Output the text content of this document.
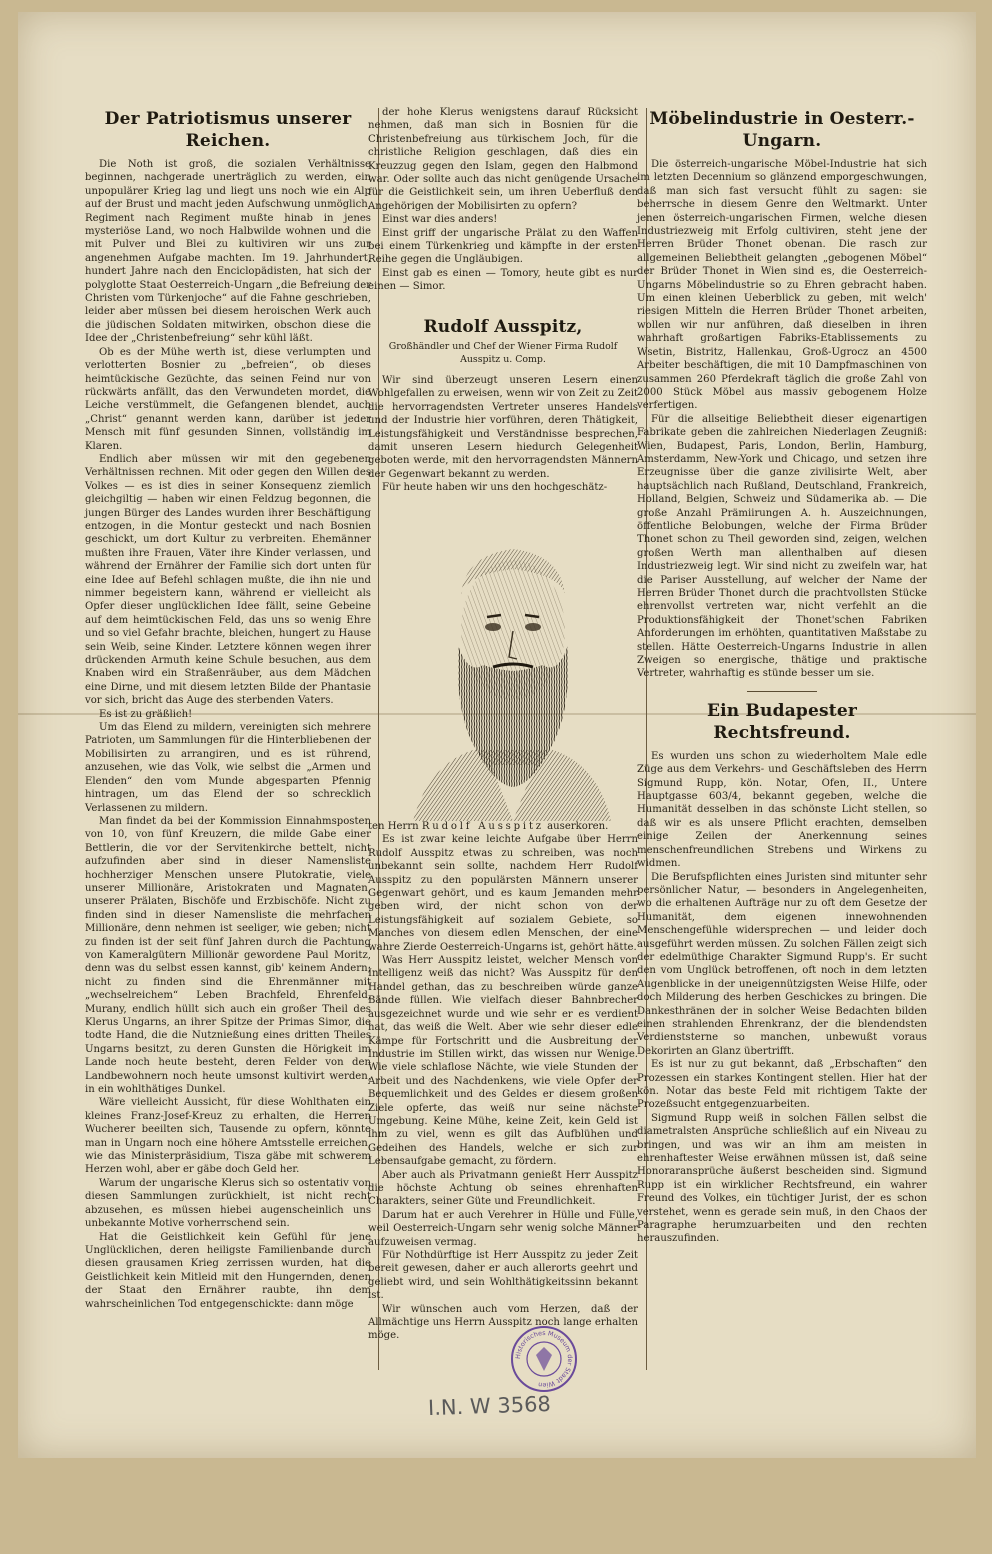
Der Patriotismus unserer Reichen.

Die Noth ist groß, die sozialen Verhältnisse beginnen, nachgerade unerträglich zu werden, ein unpopulärer Krieg lag und liegt uns noch wie ein Alp auf der Brust und macht jeden Aufschwung unmöglich, Regiment nach Regiment mußte hinab in jenes mysteriöse Land, wo noch Halbwilde wohnen und die mit Pulver und Blei zu kultiviren wir uns zur angenehmen Aufgabe machten. Im 19. Jahrhundert, hundert Jahre nach den Enciclopädisten, hat sich der polyglotte Staat Oesterreich-Ungarn „die Befreiung der Christen vom Türkenjoche“ auf die Fahne geschrieben, leider aber müssen bei diesem heroischen Werk auch die jüdischen Soldaten mitwirken, obschon diese die Idee der „Christenbefreiung“ sehr kühl läßt.

Ob es der Mühe werth ist, diese verlumpten und verlotterten Bosnier zu „befreien“, ob dieses heimtückische Gezüchte, das seinen Feind nur von rückwärts anfällt, das den Verwundeten mordet, die Leiche verstümmelt, die Gefangenen blendet, auch „Christ“ genannt werden kann, darüber ist jeder Mensch mit fünf gesunden Sinnen, vollständig im Klaren.

Endlich aber müssen wir mit den gegebenen Verhältnissen rechnen. Mit oder gegen den Willen des Volkes — es ist dies in seiner Konsequenz ziemlich gleichgiltig — haben wir einen Feldzug begonnen, die jungen Bürger des Landes wurden ihrer Beschäftigung entzogen, in die Montur gesteckt und nach Bosnien geschickt, um dort Kultur zu verbreiten. Ehemänner mußten ihre Frauen, Väter ihre Kinder verlassen, und während der Ernährer der Familie sich dort unten für eine Idee auf Befehl schlagen mußte, die ihn nie und nimmer begeistern kann, während er vielleicht als Opfer dieser unglücklichen Idee fällt, seine Gebeine auf dem heimtückischen Feld, das uns so wenig Ehre und so viel Gefahr brachte, bleichen, hungert zu Hause sein Weib, seine Kinder. Letztere können wegen ihrer drückenden Armuth keine Schule besuchen, aus dem Knaben wird ein Straßenräuber, aus dem Mädchen eine Dirne, und mit diesem letzten Bilde der Phantasie vor sich, bricht das Auge des sterbenden Vaters.

Es ist zu gräßlich!

Um das Elend zu mildern, vereinigten sich mehrere Patrioten, um Sammlungen für die Hinterbliebenen der Mobilisirten zu arrangiren, und es ist rührend, anzusehen, wie das Volk, wie selbst die „Armen und Elenden“ den vom Munde abgesparten Pfennig hintragen, um das Elend der so schrecklich Verlassenen zu mildern.

Man findet da bei der Kommission Einnahmsposten von 10, von fünf Kreuzern, die milde Gabe einer Bettlerin, die vor der Servitenkirche bettelt, nicht aufzufinden aber sind in dieser Namensliste hochherziger Menschen unsere Plutokratie, viele unserer Millionäre, Aristokraten und Magnaten, unserer Prälaten, Bischöfe und Erzbischöfe. Nicht zu finden sind in dieser Namensliste die mehrfachen Millionäre, denn nehmen ist seeliger, wie geben; nicht zu finden ist der seit fünf Jahren durch die Pachtung von Kameralgütern Millionär gewordene Paul Moritz, denn was du selbst essen kannst, gib' keinem Andern; nicht zu finden sind die Ehrenmänner mit „wechselreichem“ Leben Brachfeld, Ehrenfeld, Murany, endlich hüllt sich auch ein großer Theil des Klerus Ungarns, an ihrer Spitze der Primas Simor, die todte Hand, die die Nutznießung eines dritten Theiles Ungarns besitzt, zu deren Gunsten die Hörigkeit im Lande noch heute besteht, deren Felder von den Landbewohnern noch heute umsonst kultivirt werden, in ein wohlthätiges Dunkel.

Wäre vielleicht Aussicht, für diese Wohlthaten ein kleines Franz-Josef-Kreuz zu erhalten, die Herren Wucherer beeilten sich, Tausende zu opfern, könnte man in Ungarn noch eine höhere Amtsstelle erreichen, wie das Ministerpräsidium, Tisza gäbe mit schwerem Herzen wohl, aber er gäbe doch Geld her.

Warum der ungarische Klerus sich so ostentativ von diesen Sammlungen zurückhielt, ist nicht recht abzusehen, es müssen hiebei augenscheinlich uns unbekannte Motive vorherrschend sein.

Hat die Geistlichkeit kein Gefühl für jene Unglücklichen, deren heiligste Familienbande durch diesen grausamen Krieg zerrissen wurden, hat die Geistlichkeit kein Mitleid mit den Hungernden, denen der Staat den Ernährer raubte, ihn dem wahrscheinlichen Tod entgegenschickte: dann möge

der hohe Klerus wenigstens darauf Rücksicht nehmen, daß man sich in Bosnien für die Christenbefreiung aus türkischem Joch, für die christliche Religion geschlagen, daß dies ein Kreuzzug gegen den Islam, gegen den Halbmond war. Oder sollte auch das nicht genügende Ursache für die Geistlichkeit sein, um ihren Ueberfluß den Angehörigen der Mobilisirten zu opfern?

Einst war dies anders!

Einst griff der ungarische Prälat zu den Waffen bei einem Türkenkrieg und kämpfte in der ersten Reihe gegen die Ungläubigen.

Einst gab es einen — Tomory, heute gibt es nur einen — Simor.

Rudolf Ausspitz,
Großhändler und Chef der Wiener Firma Rudolf Ausspitz u. Comp.

Wir sind überzeugt unseren Lesern einen Wohlgefallen zu erweisen, wenn wir von Zeit zu Zeit die hervorragendsten Vertreter unseres Handels und der Industrie hier vorführen, deren Thätigkeit, Leistungsfähigkeit und Verständnisse besprechen, damit unseren Lesern hiedurch Gelegenheit geboten werde, mit den hervorragendsten Männern der Gegenwart bekannt zu werden.

Für heute haben wir uns den hochgeschätz-

ten Herrn Rudolf Ausspitz auserkoren.

Es ist zwar keine leichte Aufgabe über Herrn Rudolf Ausspitz etwas zu schreiben, was noch unbekannt sein sollte, nachdem Herr Rudolf Ausspitz zu den populärsten Männern unserer Gegenwart gehört, und es kaum Jemanden mehr geben wird, der nicht schon von der Leistungsfähigkeit auf sozialem Gebiete, so Manches von diesem edlen Menschen, der eine wahre Zierde Oesterreich-Ungarns ist, gehört hätte.

Was Herr Ausspitz leistet, welcher Mensch von Intelligenz weiß das nicht? Was Ausspitz für den Handel gethan, das zu beschreiben würde ganze Bände füllen. Wie vielfach dieser Bahnbrecher ausgezeichnet wurde und wie sehr er es verdient hat, das weiß die Welt. Aber wie sehr dieser edle Kämpe für Fortschritt und die Ausbreitung der Industrie im Stillen wirkt, das wissen nur Wenige. Wie viele schlaflose Nächte, wie viele Stunden der Arbeit und des Nachdenkens, wie viele Opfer der Bequemlichkeit und des Geldes er diesem großen Ziele opferte, das weiß nur seine nächste Umgebung. Keine Mühe, keine Zeit, kein Geld ist ihm zu viel, wenn es gilt das Aufblühen und Gedeihen des Handels, welche er sich zur Lebensaufgabe gemacht, zu fördern.

Aber auch als Privatmann genießt Herr Ausspitz die höchste Achtung ob seines ehrenhaften Charakters, seiner Güte und Freundlichkeit.

Darum hat er auch Verehrer in Hülle und Fülle, weil Oesterreich-Ungarn sehr wenig solche Männer aufzuweisen vermag.

Für Nothdürftige ist Herr Ausspitz zu jeder Zeit bereit gewesen, daher er auch allerorts geehrt und geliebt wird, und sein Wohlthätigkeitssinn bekannt ist.

Wir wünschen auch vom Herzen, daß der Allmächtige uns Herrn Ausspitz noch lange erhalten möge.

Möbelindustrie in Oesterr.-Ungarn.

Die österreich-ungarische Möbel-Industrie hat sich im letzten Decennium so glänzend emporgeschwungen, daß man sich fast versucht fühlt zu sagen: sie beherrsche in diesem Genre den Weltmarkt. Unter jenen österreich-ungarischen Firmen, welche diesen Industriezweig mit Erfolg cultiviren, steht jene der Herren Brüder Thonet obenan. Die rasch zur allgemeinen Beliebtheit gelangten „gebogenen Möbel“ der Brüder Thonet in Wien sind es, die Oesterreich-Ungarns Möbelindustrie so zu Ehren gebracht haben. Um einen kleinen Ueberblick zu geben, mit welch' riesigen Mitteln die Herren Brüder Thonet arbeiten, wollen wir nur anführen, daß dieselben in ihren wahrhaft großartigen Fabriks-Etablissements zu Wsetin, Bistritz, Hallenkau, Groß-Ugrocz an 4500 Arbeiter beschäftigen, die mit 10 Dampfmaschinen von zusammen 260 Pferdekraft täglich die große Zahl von 2000 Stück Möbel aus massiv gebogenem Holze verfertigen.

Für die allseitige Beliebtheit dieser eigenartigen Fabrikate geben die zahlreichen Niederlagen Zeugniß: Wien, Budapest, Paris, London, Berlin, Hamburg, Amsterdamm, New-York und Chicago, und setzen ihre Erzeugnisse über die ganze zivilisirte Welt, aber hauptsächlich nach Rußland, Deutschland, Frankreich, Holland, Belgien, Schweiz und Südamerika ab. — Die große Anzahl Prämiirungen A. h. Auszeichnungen, öffentliche Belobungen, welche der Firma Brüder Thonet schon zu Theil geworden sind, zeigen, welchen großen Werth man allenthalben auf diesen Industriezweig legt. Wir sind nicht zu zweifeln war, hat die Pariser Ausstellung, auf welcher der Name der Herren Brüder Thonet durch die prachtvollsten Stücke ehrenvollst vertreten war, nicht verfehlt an die Produktionsfähigkeit der Thonet'schen Fabriken Anforderungen im erhöhten, quantitativen Maßstabe zu stellen. Hätte Oesterreich-Ungarns Industrie in allen Zweigen so energische, thätige und praktische Vertreter, wahrhaftig es stünde besser um sie.

Ein Budapester Rechtsfreund.

Es wurden uns schon zu wiederholtem Male edle Züge aus dem Verkehrs- und Geschäftsleben des Herrn Sigmund Rupp, kön. Notar, Ofen, II., Untere Hauptgasse 603/4, bekannt gegeben, welche die Humanität desselben in das schönste Licht stellen, so daß wir es als unsere Pflicht erachten, demselben einige Zeilen der Anerkennung seines menschenfreundlichen Strebens und Wirkens zu widmen.

Die Berufspflichten eines Juristen sind mitunter sehr persönlicher Natur, — besonders in Angelegenheiten, wo die erhaltenen Aufträge nur zu oft dem Gesetze der Humanität, dem eigenen innewohnenden Menschengefühle widersprechen — und leider doch ausgeführt werden müssen. Zu solchen Fällen zeigt sich der edelmüthige Charakter Sigmund Rupp's. Er sucht den vom Unglück betroffenen, oft noch in dem letzten Augenblicke in der uneigennützigsten Weise Hilfe, oder doch Milderung des herben Geschickes zu bringen. Die Dankesthränen der in solcher Weise Bedachten bilden einen strahlenden Ehrenkranz, der die blendendsten Verdienststerne so manchen, unbewußt voraus Dekorirten an Glanz übertrifft.

Es ist nur zu gut bekannt, daß „Erbschaften“ den Prozessen ein starkes Kontingent stellen. Hier hat der kön. Notar das beste Feld mit richtigem Takte der Prozeßsucht entgegenzuarbeiten.

Sigmund Rupp weiß in solchen Fällen selbst die diametralsten Ansprüche schließlich auf ein Niveau zu bringen, und was wir an ihm am meisten in ehrenhaftester Weise erwähnen müssen ist, daß seine Honoraransprüche äußerst bescheiden sind. Sigmund Rupp ist ein wirklicher Rechtsfreund, ein wahrer Freund des Volkes, ein tüchtiger Jurist, der es schon verstehet, wenn es gerade sein muß, in den Chaos der Paragraphe herumzuarbeiten und den rechten herauszufinden.

Historisches Museum der Stadt Wien
I.N. W 3568
